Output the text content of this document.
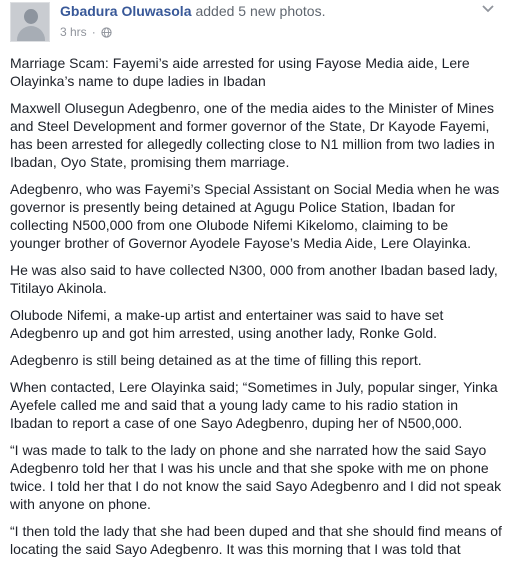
Gbadura Oluwasola added 5 new photos.
3 hrs ·

Marriage Scam: Fayemi’s aide arrested for using Fayose Media aide, Lere Olayinka’s name to dupe ladies in Ibadan

Maxwell Olusegun Adegbenro, one of the media aides to the Minister of Mines and Steel Development and former governor of the State, Dr Kayode Fayemi, has been arrested for allegedly collecting close to N1 million from two ladies in Ibadan, Oyo State, promising them marriage.

Adegbenro, who was Fayemi’s Special Assistant on Social Media when he was governor is presently being detained at Agugu Police Station, Ibadan for collecting N500,000 from one Olubode Nifemi Kikelomo, claiming to be younger brother of Governor Ayodele Fayose’s Media Aide, Lere Olayinka.

He was also said to have collected N300, 000 from another Ibadan based lady, Titilayo Akinola.

Olubode Nifemi, a make-up artist and entertainer was said to have set Adegbenro up and got him arrested, using another lady, Ronke Gold.

Adegbenro is still being detained as at the time of filling this report.

When contacted, Lere Olayinka said; “Sometimes in July, popular singer, Yinka Ayefele called me and said that a young lady came to his radio station in Ibadan to report a case of one Sayo Adegbenro, duping her of N500,000.

“I was made to talk to the lady on phone and she narrated how the said Sayo Adegbenro told her that I was his uncle and that she spoke with me on phone twice. I told her that I do not know the said Sayo Adegbenro and I did not speak with anyone on phone.

“I then told the lady that she had been duped and that she should find means of locating the said Sayo Adegbenro. It was this morning that I was told that
